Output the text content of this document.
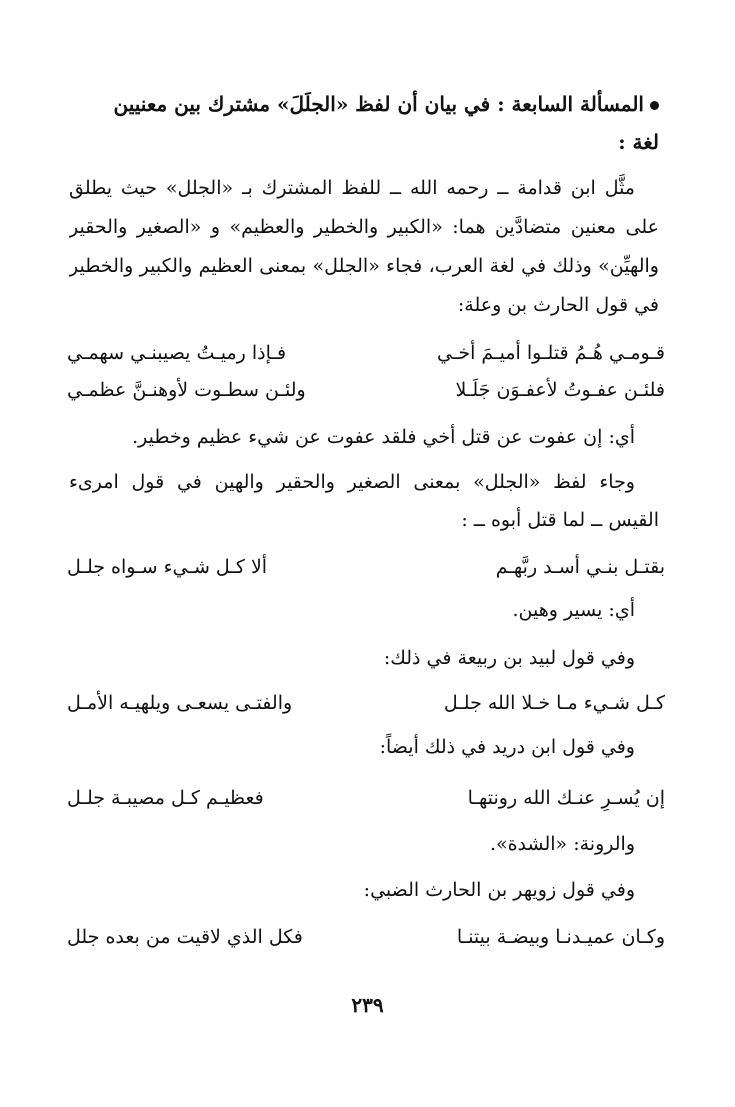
المسألة السابعة : في بيان أن لفظ «الجلَلَ» مشترك بين معنيين
لغة :
مثَّل ابن قدامة ــ رحمه الله ــ للفظ المشترك بـ «الجلل» حيث يطلق
على معنين متضادَّين هما: «الكبير والخطير والعظيم» و «الصغير والحقير
والهيِّن» وذلك في لغة العرب، فجاء «الجلل» بمعنى العظيم والكبير والخطير
في قول الحارث بن وعلة:
قـومـي هُـمُ قتلـوا أميـمَ أخـي
فـإذا رميـتُ يصيبنـي سهمـي
فلئـن عفـوتُ لأعفـوَن جَلَـلا
ولئـن سطـوت لأوهنـنَّ عظمـي
أي: إن عفوت عن قتل أخي فلقد عفوت عن شيء عظيم وخطير.
وجاء لفظ «الجلل» بمعنى الصغير والحقير والهين في قول امرىء
القيس ــ لما قتل أبوه ــ :
بقتـل بنـي أسـد ربَّهـم
ألا كـل شـيء سـواه جلـل
أي: يسير وهين.
وفي قول لبيد بن ربيعة في ذلك:
كـل شـيء مـا خـلا الله جلـل
والفتـى يسعـى ويلهيـه الأمـل
وفي قول ابن دريد في ذلك أيضاً:
إن يُسـرِ عنـك الله رونتهـا
فعظيـم كـل مصيبـة جلـل
والرونة: «الشدة».
وفي قول زويهر بن الحارث الضبي:
وكـان عميـدنـا وبيضـة بيتنـا
فكل الذي لاقيت من بعده جلل
٢٣٩
